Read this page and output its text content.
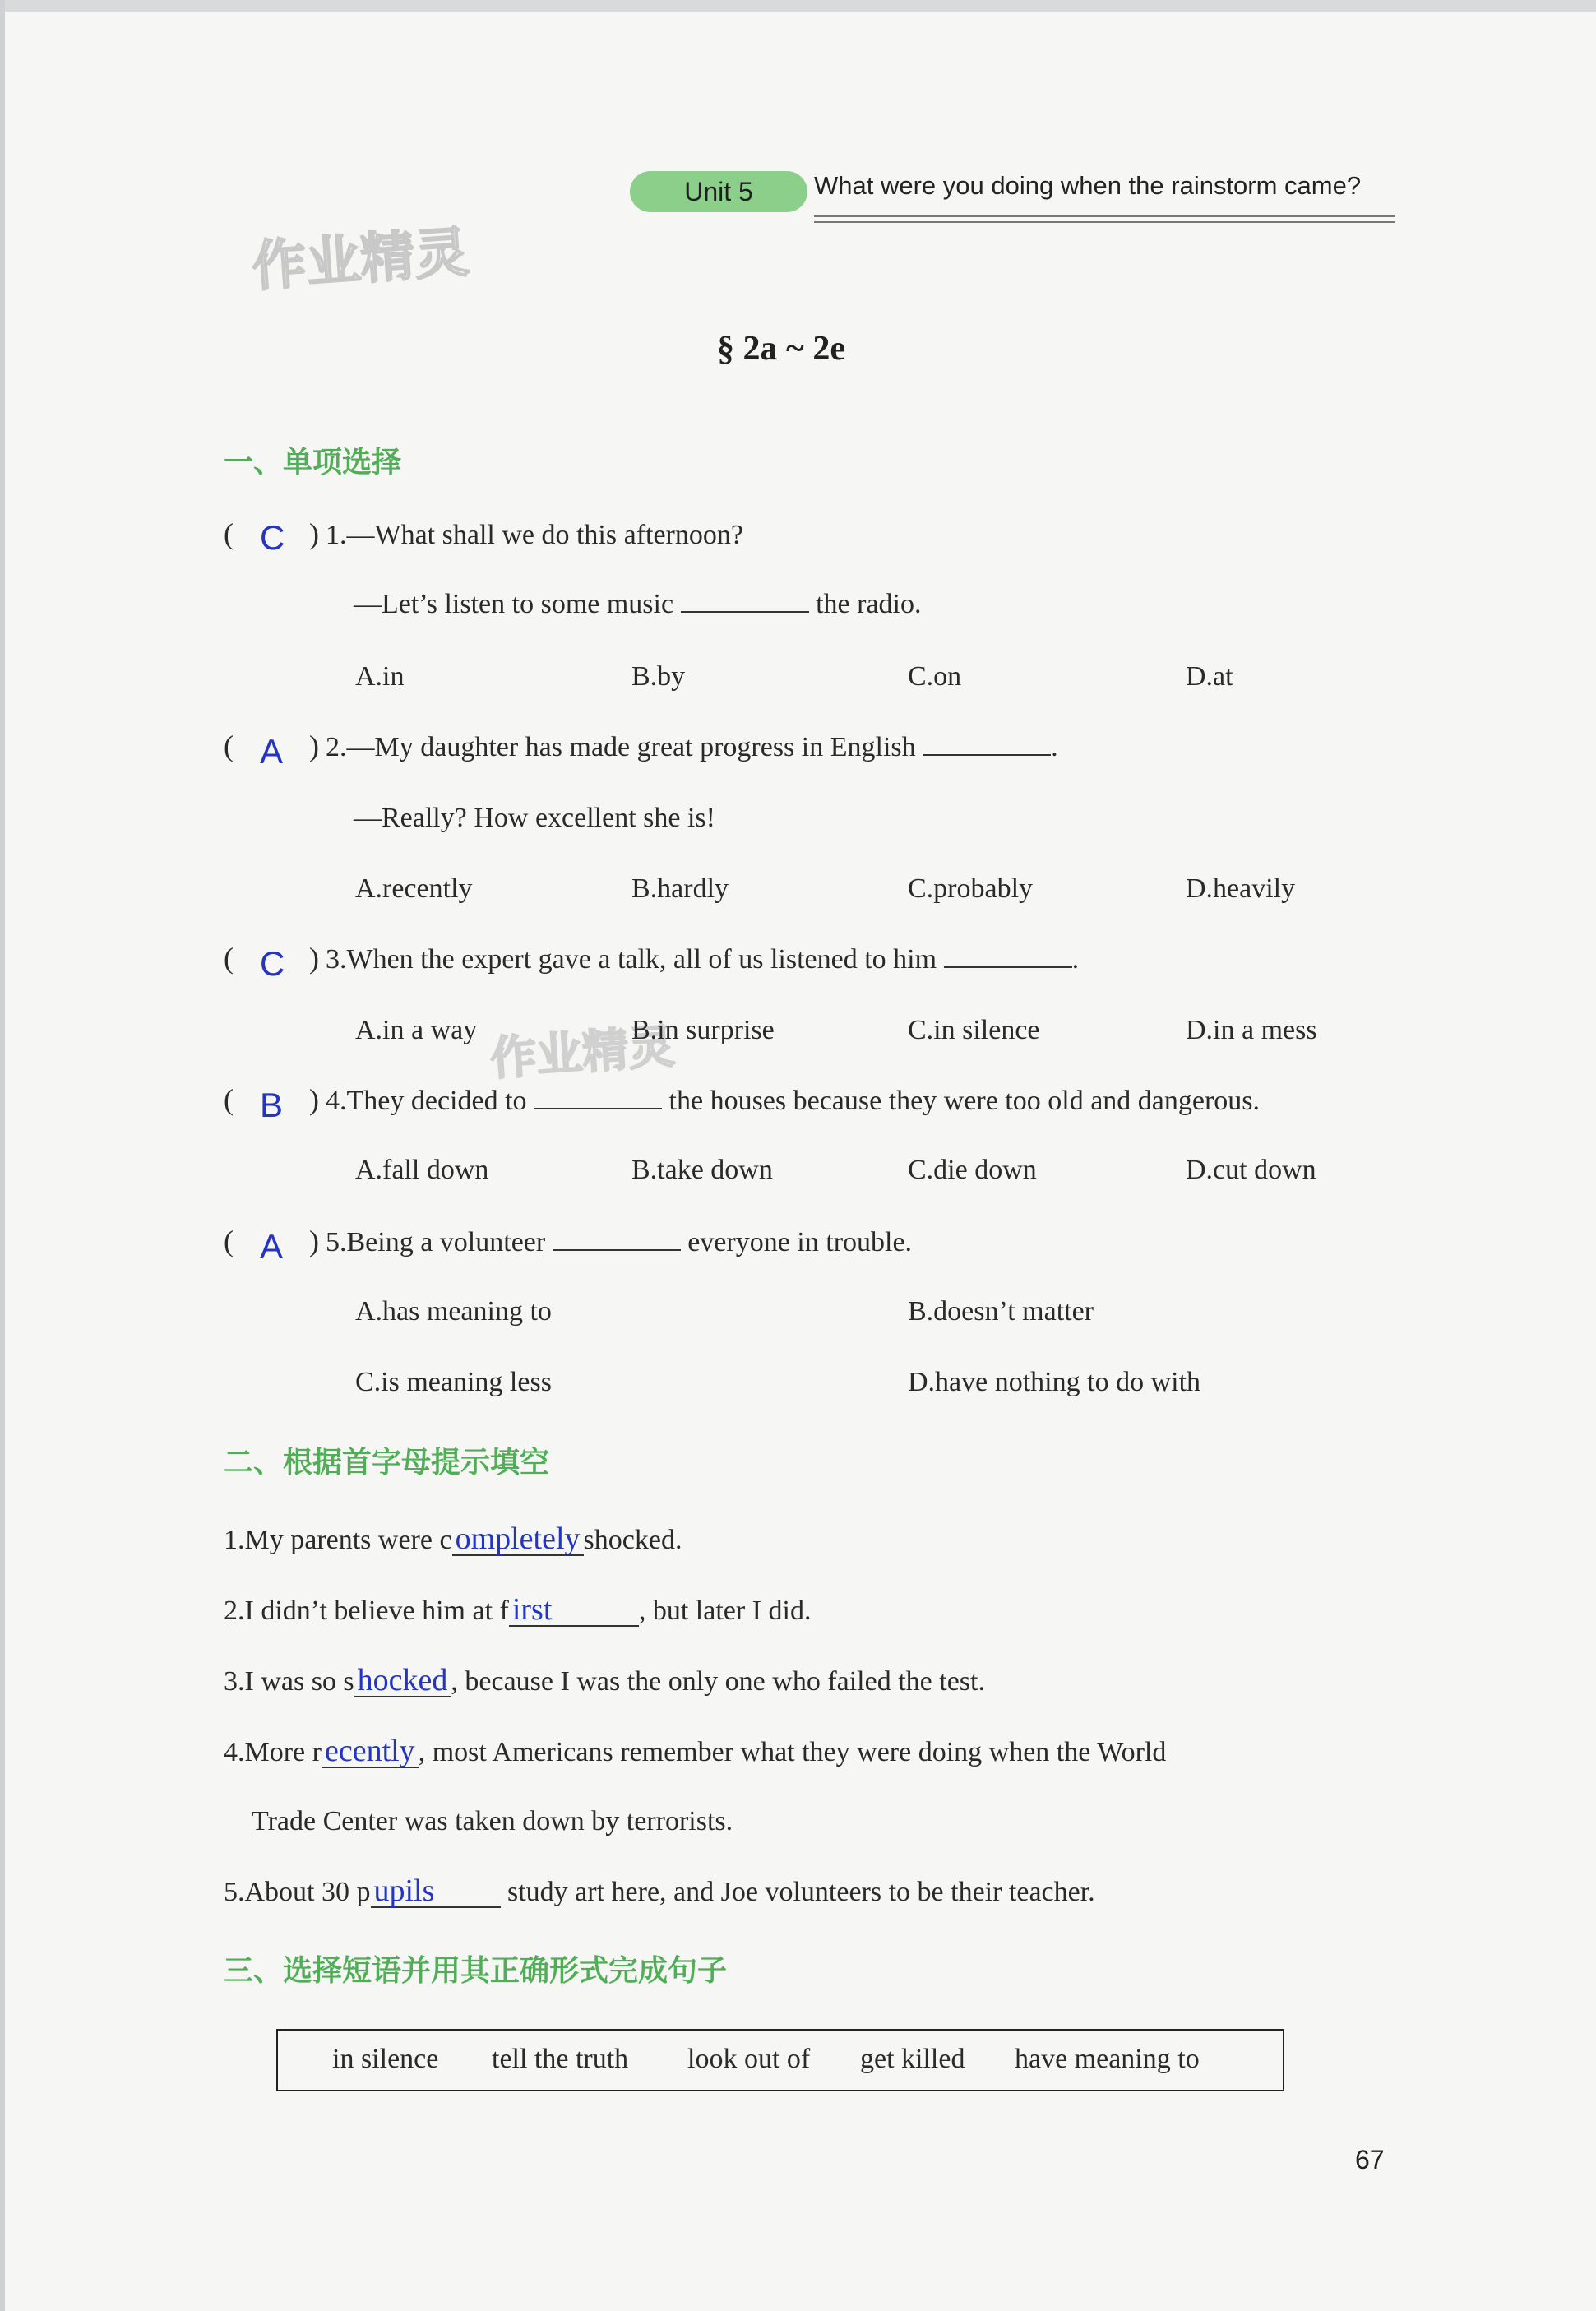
Unit 5	What were you doing when the rainstorm came?
作业精灵
作业精灵
§ 2a ~ 2e
一、单项选择
( C ) 1.—What shall we do this afternoon?
—Let’s listen to some music	the radio.
A.in	B.by	C.on	D.at
( A ) 2.—My daughter has made great progress in English	.
—Really? How excellent she is!
A.recently	B.hardly	C.probably	D.heavily
( C ) 3.When the expert gave a talk, all of us listened to him	.
A.in a way	B.in surprise	C.in silence	D.in a mess
( B ) 4.They decided to	the houses because they were too old and dangerous.
A.fall down	B.take down	C.die down	D.cut down
( A ) 5.Being a volunteer	everyone in trouble.
A.has meaning to	B.doesn’t matter
C.is meaning less	D.have nothing to do with
二、根据首字母提示填空
1.My parents were c ompletely shocked.
2.I didn’t believe him at f irst	, but later I did.
3.I was so s hocked , because I was the only one who failed the test.
4.More r ecently , most Americans remember what they were doing when the World
Trade Center was taken down by terrorists.
5.About 30 p upils	study art here, and Joe volunteers to be their teacher.
三、选择短语并用其正确形式完成句子
in silence tell the truth look out of get killed have meaning to
67
